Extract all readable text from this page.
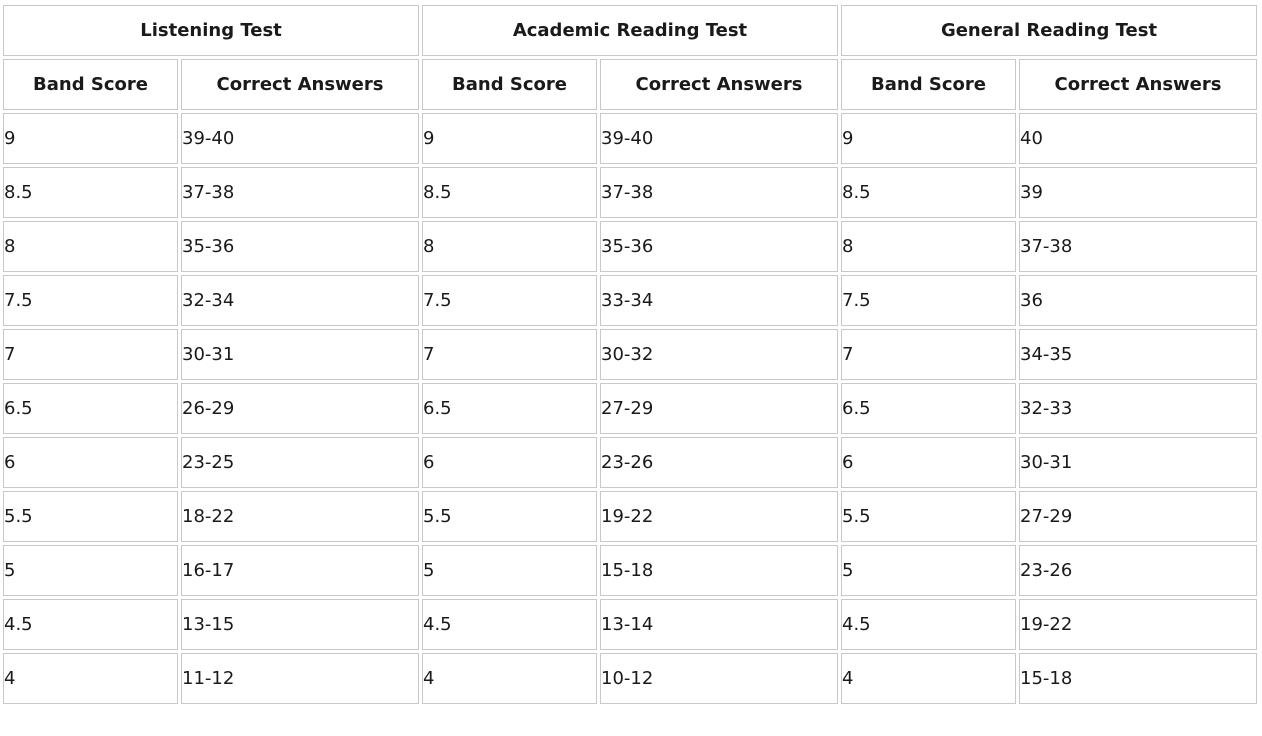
Listening Test		Academic Reading Test		General Reading Test	
Band Score	Correct Answers	Band Score	Correct Answers	Band Score	Correct Answers
9	39-40	9	39-40	9	40
8.5	37-38	8.5	37-38	8.5	39
8	35-36	8	35-36	8	37-38
7.5	32-34	7.5	33-34	7.5	36
7	30-31	7	30-32	7	34-35
6.5	26-29	6.5	27-29	6.5	32-33
6	23-25	6	23-26	6	30-31
5.5	18-22	5.5	19-22	5.5	27-29
5	16-17	5	15-18	5	23-26
4.5	13-15	4.5	13-14	4.5	19-22
4	11-12	4	10-12	4	15-18
